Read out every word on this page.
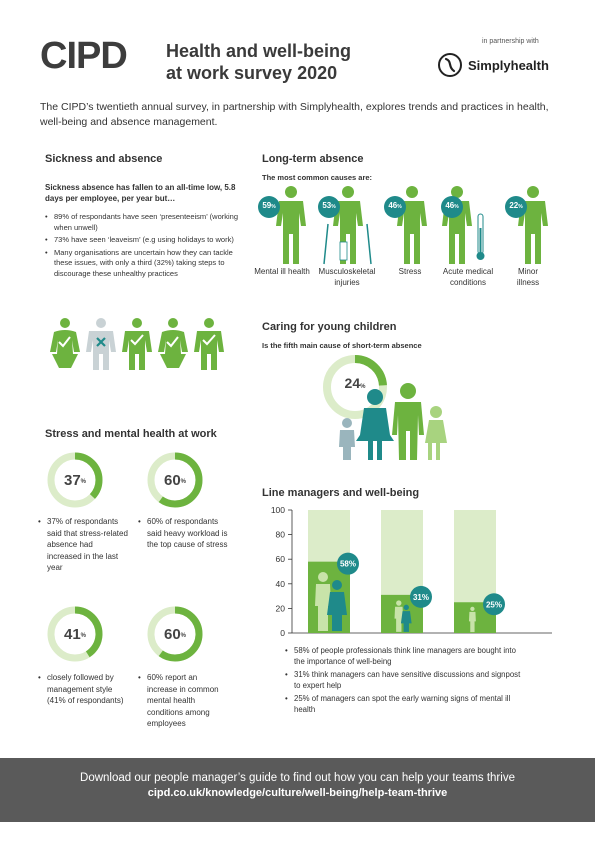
CIPD Health and well-being
at work survey 2020
in partnership with
Simplyhealth
The CIPD’s twentieth annual survey, in partnership with Simplyhealth, explores trends and practices in health, well-being and absence management.
Sickness and absence
Sickness absence has fallen to an all-time low, 5.8 days per employee, per year but…
• 89% of respondants have seen ‘presenteeism’ (working when unwell)
• 73% have seen ‘leaveism’ (e.g using holidays to work)
• Many organisations are uncertain how they can tackle these issues, with only a third (32%) taking steps to discourage these unhealthy practices
Long-term absence
The most common causes are:
59%	53%	46%	46%	22%
Mental ill health	Musculoskeletal injuries
Stress	Acute medical conditions
Minor illness
Caring for young children
Is the fifth main cause of short-term absence
24%
Stress and mental health at work
37 %	60 %
• 37% of respondants said that stress-related absence had increased in the last year
• 60% of respondants said heavy workload is the top cause of stress
41 %	60 %
• closely followed by management style (41% of respondants)
• 60% report an increase in common mental health conditions among employees
Line managers and well-being
0
20
40
60
80
100
58%
31%
25%
• 58% of people professionals think line managers are bought into the importance of well-being
• 31% think managers can have sensitive discussions and signpost to expert help
• 25% of managers can spot the early warning signs of mental ill health
Download our people manager’s guide to find out how you can help your teams thrive
cipd.co.uk/knowledge/culture/well-being/help-team-thrive
